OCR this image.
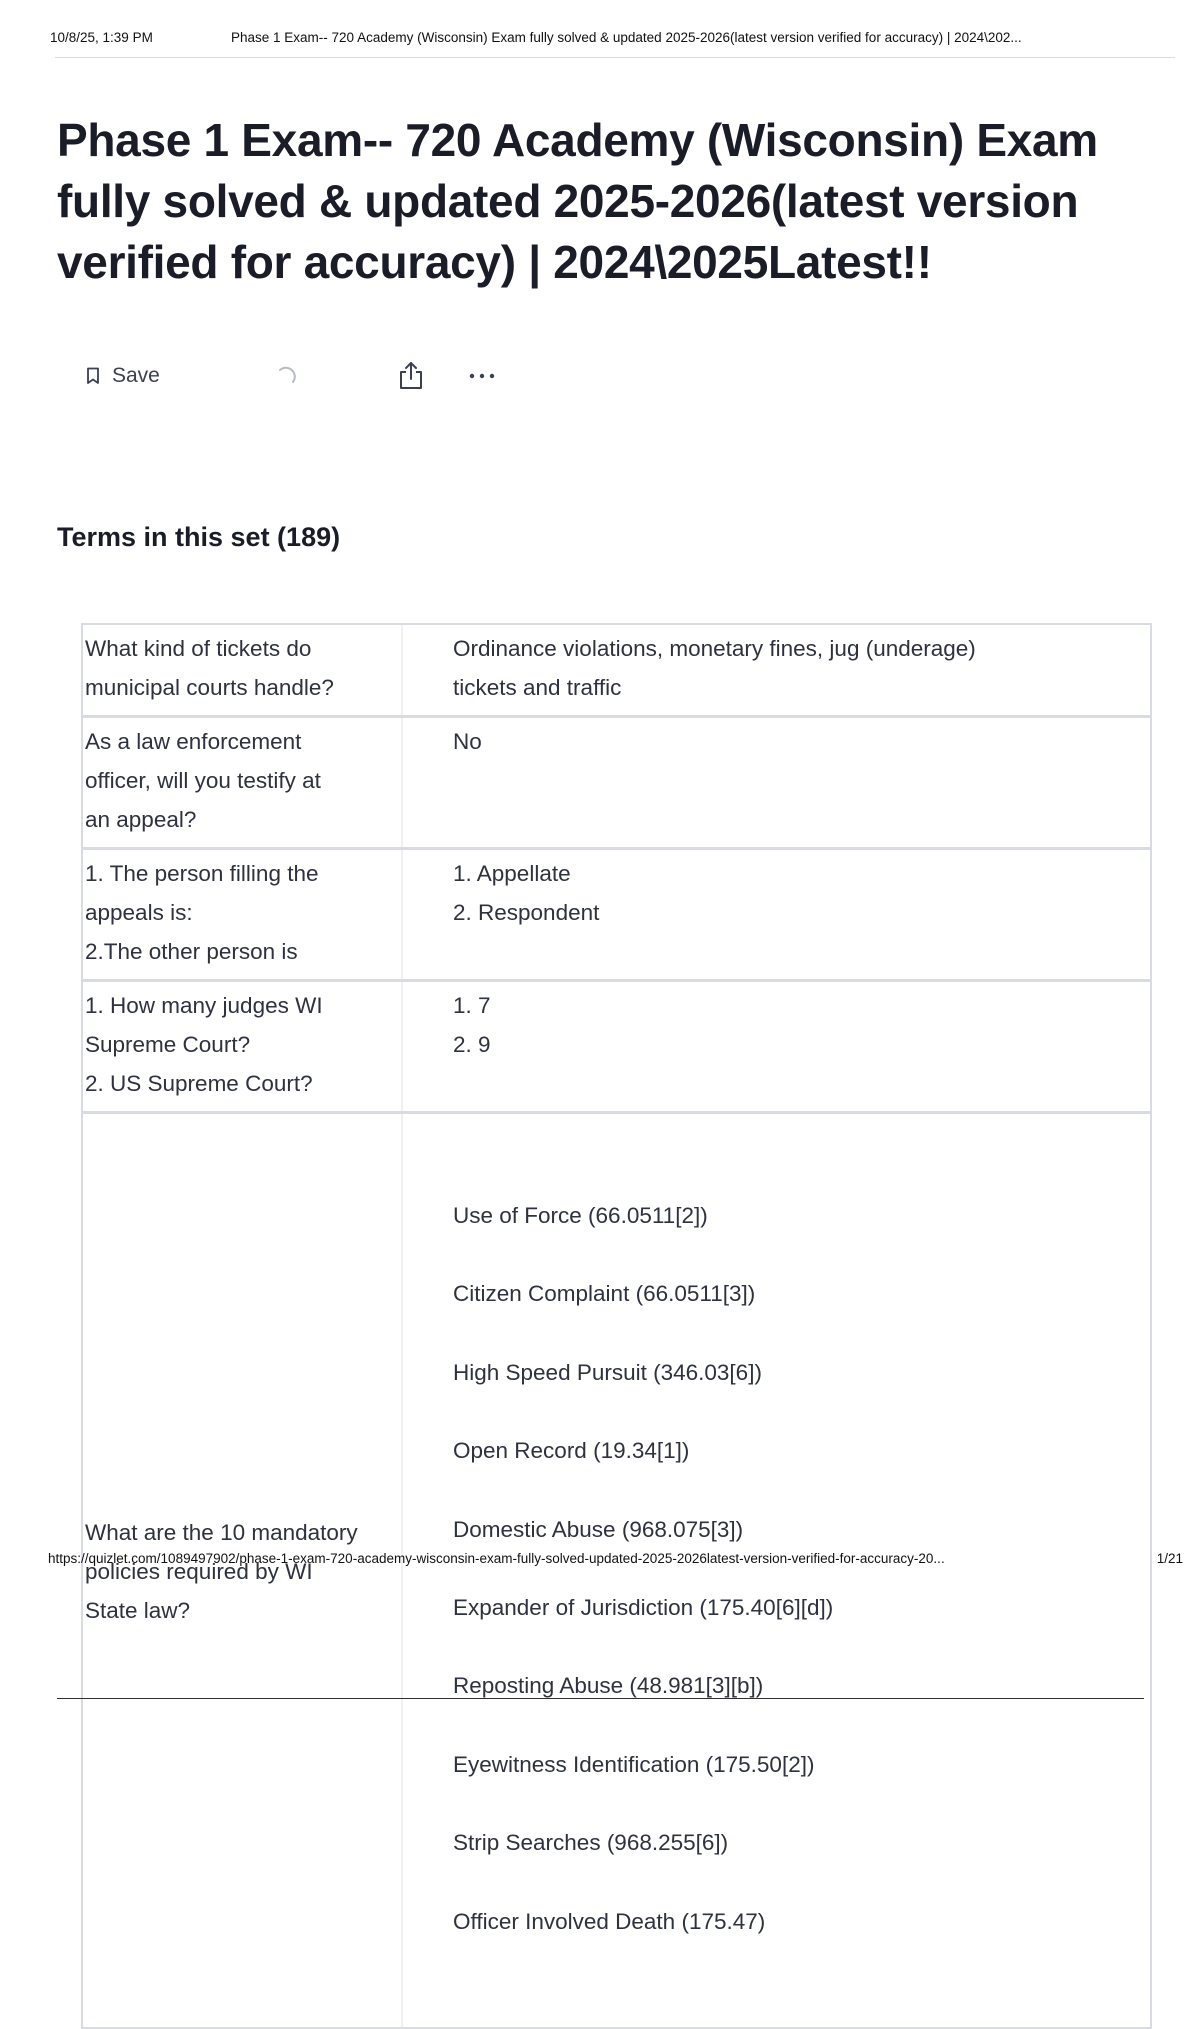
10/8/25, 1:39 PM	Phase 1 Exam-- 720 Academy (Wisconsin) Exam fully solved & updated 2025-2026(latest version verified for accuracy) | 2024\202...
Phase 1 Exam-- 720 Academy (Wisconsin) Exam fully solved & updated 2025-2026(latest version verified for accuracy) | 2024\2025Latest!!
Save
Terms in this set (189)
What kind of tickets do
municipal courts handle?
Ordinance violations, monetary fines, jug (underage)
tickets and traffic
As a law enforcement
officer, will you testify at
an appeal?
No
1. The person filling the
appeals is:
2.The other person is
1. Appellate
2. Respondent
1. How many judges WI
Supreme Court?
2. US Supreme Court?
1. 7
2. 9
What are the 10 mandatory
policies required by WI
State law?

Use of Force (66.0511[2])

Citizen Complaint (66.0511[3])

High Speed Pursuit (346.03[6])

Open Record (19.34[1])

Domestic Abuse (968.075[3])

Expander of Jurisdiction (175.40[6][d])

Reposting Abuse (48.981[3][b])

Eyewitness Identification (175.50[2])

Strip Searches (968.255[6])

Officer Involved Death (175.47)

https://quizlet.com/1089497902/phase-1-exam-720-academy-wisconsin-exam-fully-solved-updated-2025-2026latest-version-verified-for-accuracy-20...	1/21
